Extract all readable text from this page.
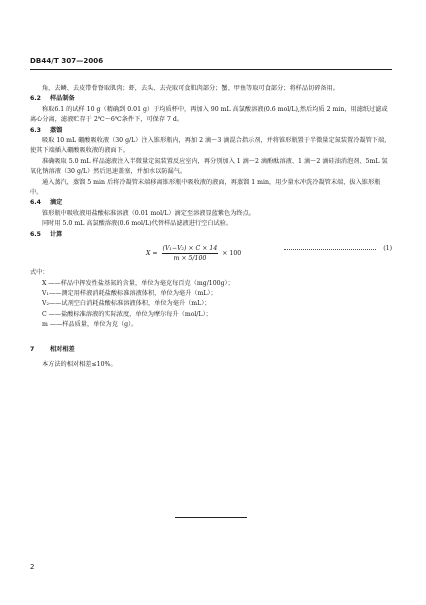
DB44/T 307—2006

角，去鳞、去皮带骨脊取肌肉；虾，去头、去壳取可食肌肉部分；蟹、甲鱼等取可食部分；将样品切碎备用。

6.2 样品制备

称取6.1 的试样 10 g（精确到 0.01 g）于均质杯中，再加入 90 mL 高氯酸溶液(0.6 mol/L),然后均质 2 min，用滤纸过滤或离心分离，滤液贮存于 2℃～6℃条件下，可保存 7 d。

6.3 蒸馏

吸取 10 mL 硼酸吸收液（30 g/L）注入锥形瓶内，再加 2 滴～3 滴混合指示剂，并将锥形瓶置于半微量定氮装置冷凝管下端，使其下端插入硼酸吸收液的液面下。

准确吸取 5.0 mL 样品滤液注入半微量定氮装置反应室内，再分别加入 1 滴～2 滴酚酞溶液、1 滴～2 滴硅油消泡剂、5mL 氢氧化钠溶液（30 g/L）然后迅速盖塞，并加水以防漏气。

通入蒸汽，蒸馏 5 min 后将冷凝管末端移离锥形瓶中吸收液的液面，再蒸馏 1 min，用少量水冲洗冷凝管末端，拔入锥形瓶中。

6.4 滴定

锥形瓶中吸收液用盐酸标准溶液（0.01 mol/L）滴定至溶液显蓝紫色为终点。

同时用 5.0 mL 高氯酸溶液(0.6 mol/L)代替样品滤液进行空白试验。

6.5 计算

$X = \frac{\text{(V₁−V₂) × C × 14}}{m \times 5/100} \times 100$
(1)

式中：

X ——样品中挥发性盐基氮的含量，单位为毫克每百克（mg/100g）；

V₁——测定用样液消耗盐酸标准溶液体积，单位为毫升（mL）；

V₂——试剂空白消耗盐酸标准溶液体积，单位为毫升（mL）；

C ——盐酸标准溶液的实际浓度，单位为摩尔每升（mol/L）；

m ——样品质量，单位为克（g）。

7	相对相差

本方法的相对相差≤10%。

2
